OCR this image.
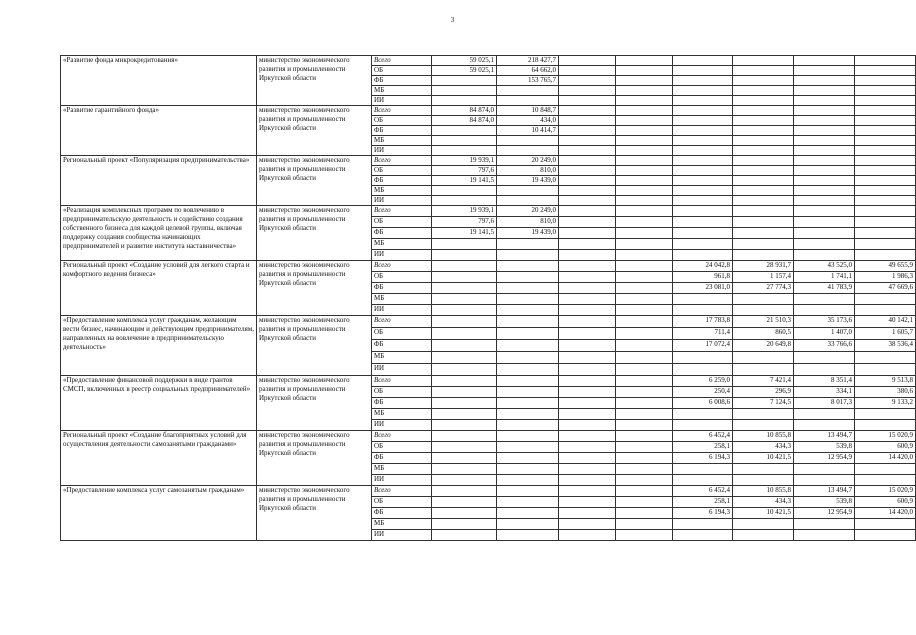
3
«Развитие фонда микрокредитования»	министерство экономического развития и промышленности Иркутской области	Всего	59 025,1	218 427,7						
		ОБ	59 025,1	64 662,0						
		ФБ		153 765,7						
		МБ								
		ИИ								
«Развитие гарантийного фонда»	министерство экономического развития и промышленности Иркутской области	Всего	84 874,0	10 848,7						
		ОБ	84 874,0	434,0						
		ФБ		10 414,7						
		МБ								
		ИИ								
Региональный проект «Популяризация предпринимательства»	министерство экономического развития и промышленности Иркутской области	Всего	19 939,1	20 249,0						
		ОБ	797,6	810,0						
		ФБ	19 141,5	19 439,0						
		МБ								
		ИИ								
«Реализация комплексных программ по вовлечению в предпринимательскую деятельность и содействию создания собственного бизнеса для каждой целевой группы, включая поддержку создания сообщества начинающих предпринимателей и развитие института наставничества»	министерство экономического развития и промышленности Иркутской области	Всего	19 939,1	20 249,0						
		ОБ	797,6	810,0						
		ФБ	19 141,5	19 439,0						
		МБ								
		ИИ								
Региональный проект «Создание условий для легкого старта и комфортного ведения бизнеса»	министерство экономического развития и промышленности Иркутской области	Всего					24 042,8	28 931,7	43 525,0	49 655,9
		ОБ					961,8	1 157,4	1 741,1	1 986,3
		ФБ					23 081,0	27 774,3	41 783,9	47 669,6
		МБ								
		ИИ								
«Предоставление комплекса услуг гражданам, желающим вести бизнес, начинающим и действующим предпринимателям, направленных на вовлечение в предпринимательскую деятельность»	министерство экономического развития и промышленности Иркутской области	Всего					17 783,8	21 510,3	35 173,6	40 142,1
		ОБ					711,4	860,5	1 407,0	1 605,7
		ФБ					17 072,4	20 649,8	33 766,6	38 536,4
		МБ								
		ИИ								
«Предоставление финансовой поддержки в виде грантов СМСП, включенных в реестр социальных предпринимателей»	министерство экономического развития и промышленности Иркутской области	Всего					6 259,0	7 421,4	8 351,4	9 513,8
		ОБ					250,4	296,9	334,1	380,6
		ФБ					6 008,6	7 124,5	8 017,3	9 133,2
		МБ								
		ИИ								
Региональный проект «Создание благоприятных условий для осуществления деятельности самозанятыми гражданами»	министерство экономического развития и промышленности Иркутской области	Всего					6 452,4	10 855,8	13 494,7	15 020,9
		ОБ					258,1	434,3	539,8	600,9
		ФБ					6 194,3	10 421,5	12 954,9	14 420,0
		МБ								
		ИИ								
«Предоставление комплекса услуг самозанятым гражданам»	министерство экономического развития и промышленности Иркутской области	Всего					6 452,4	10 855,8	13 494,7	15 020,9
		ОБ					258,1	434,3	539,8	600,9
		ФБ					6 194,3	10 421,5	12 954,9	14 420,0
		МБ								
		ИИ								
